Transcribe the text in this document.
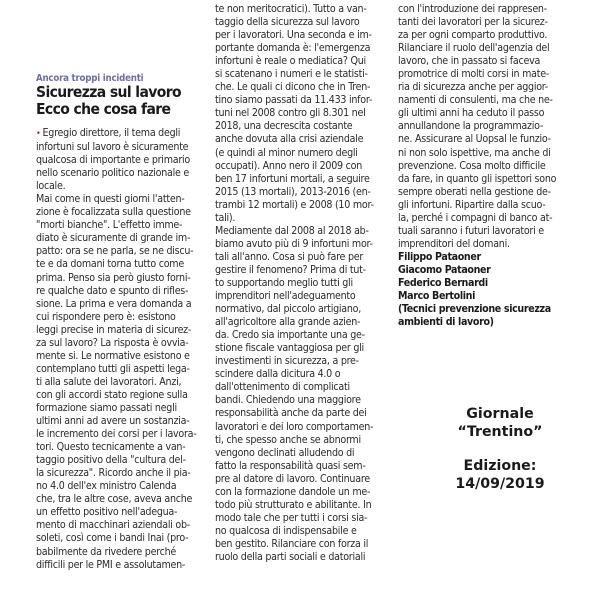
Ancora troppi incidenti
Sicurezza sul lavoro
Ecco che cosa fare
• Egregio direttore, il tema degli
infortuni sul lavoro è sicuramente
qualcosa di importante e primario
nello scenario politico nazionale e
locale.
Mai come in questi giorni l'atten-
zione è focalizzata sulla questione
"morti bianche". L'effetto imme-
diato è sicuramente di grande im-
patto: ora se ne parla, se ne discu-
te e da domani torna tutto come
prima. Penso sia però giusto forni-
re qualche dato e spunto di rifles-
sione. La prima e vera domanda a
cui rispondere pero è: esistono
leggi precise in materia di sicurez-
za sul lavoro? La risposta è ovvia-
mente si. Le normative esistono e
contemplano tutti gli aspetti lega-
ti alla salute dei lavoratori. Anzi,
con gli accordi stato regione sulla
formazione siamo passati negli
ultimi anni ad avere un sostanzia-
le incremento dei corsi per i lavora-
tori. Questo tecnicamente a van-
taggio positivo della "cultura del-
la sicurezza". Ricordo anche il pia-
no 4.0 dell'ex ministro Calenda
che, tra le altre cose, aveva anche
un effetto positivo nell'adegua-
mento di macchinari aziendali ob-
soleti, così come i bandi Inai (pro-
babilmente da rivedere perché
difficili per le PMI e assolutamen-
te non meritocratici). Tutto a van-
taggio della sicurezza sul lavoro
per i lavoratori. Una seconda e im-
portante domanda è: l'emergenza
infortuni è reale o mediatica? Qui
si scatenano i numeri e le statisti-
che. Le quali ci dicono che in Tren-
tino siamo passati da 11.433 infor-
tuni nel 2008 contro gli 8.301 nel
2018, una decrescita costante
anche dovuta alla crisi aziendale
(e quindi al minor numero degli
occupati). Anno nero il 2009 con
ben 17 infortuni mortali, a seguire
2015 (13 mortali), 2013-2016 (en-
trambi 12 mortali) e 2008 (10 mor-
tali).
Mediamente dal 2008 al 2018 ab-
biamo avuto più di 9 infortuni mor-
tali all'anno. Cosa si può fare per
gestire il fenomeno? Prima di tut-
to supportando meglio tutti gli
imprenditori nell'adeguamento
normativo, dal piccolo artigiano,
all'agricoltore alla grande azien-
da. Credo sia importante una ge-
stione fiscale vantaggiosa per gli
investimenti in sicurezza, a pre-
scindere dalla dicitura 4.0 o
dall'ottenimento di complicati
bandi. Chiedendo una maggiore
responsabilità anche da parte dei
lavoratori e dei loro comportamen-
ti, che spesso anche se abnormi
vengono declinati alludendo di
fatto la responsabilità quasi sem-
pre al datore di lavoro. Continuare
con la formazione dandole un me-
todo più strutturato e abilitante. In
modo tale che per tutti i corsi sia-
no qualcosa di indispensabile e
ben gestito. Rilanciare con forza il
ruolo della parti sociali e datoriali
con l'introduzione dei rappresen-
tanti dei lavoratori per la sicurez-
za per ogni comparto produttivo.
Rilanciare il ruolo dell'agenzia del
lavoro, che in passato si faceva
promotrice di molti corsi in mate-
ria di sicurezza anche per aggior-
namenti di consulenti, ma che ne-
gli ultimi anni ha ceduto il passo
annullandone la programmazio-
ne. Assicurare al Uopsal le funzio-
ni non solo ispettive, ma anche di
prevenzione. Cosa molto difficile
da fare, in quanto gli ispettori sono
sempre oberati nella gestione de-
gli infortuni. Ripartire dalla scuo-
la, perché i compagni di banco at-
tuali saranno i futuri lavoratori e
imprenditori del domani.
Filippo Pataoner
Giacomo Pataoner
Federico Bernardi
Marco Bertolini
(Tecnici prevenzione sicurezza
ambienti di lavoro)
Giornale
“Trentino”
Edizione:
14/09/2019
